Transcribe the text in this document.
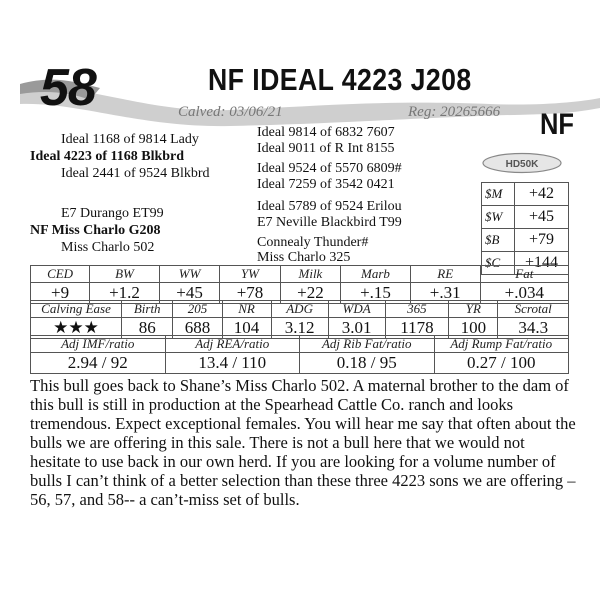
58	NF IDEAL 4223 J208
Calved: 03/06/21	Reg: 20265666 NF
Ideal 1168 of 9814 Lady
Ideal 4223 of 1168 Blkbrd
Ideal 2441 of 9524 Blkbrd
Ideal 9814 of 6832 7607
Ideal 9011 of R Int 8155
Ideal 9524 of 5570 6809#
Ideal 7259 of 3542 0421
E7 Durango ET99
NF Miss Charlo G208
Miss Charlo 502
Ideal 5789 of 9524 Erilou
E7 Neville Blackbird T99
Connealy Thunder#
Miss Charlo 325
HD50K
$M	+42
$W	+45
$B	+79
$C	+144
CED	BW	WW	YW	Milk	Marb	RE	Fat
+9	+1.2	+45	+78	+22	+.15	+.31	+.034
Calving Ease	Birth	205	NR	ADG	WDA	365	YR	Scrotal
★★★	86	688	104	3.12	3.01	1178	100	34.3
Adj IMF/ratio	Adj REA/ratio	Adj Rib Fat/ratio	Adj Rump Fat/ratio
2.94 / 92	13.4 / 110	0.18 / 95	0.27 / 100
This bull goes back to Shane’s Miss Charlo 502. A maternal brother to the dam of this bull is still in production at the Spearhead Cattle Co. ranch and looks tremendous. Expect exceptional females. You will hear me say that often about the bulls we are offering in this sale. There is not a bull here that we would not hesitate to use back in our own herd. If you are looking for a volume number of bulls I can’t think of a better selection than these three 4223 sons we are offering – 56, 57, and 58-- a can’t-miss set of bulls.
